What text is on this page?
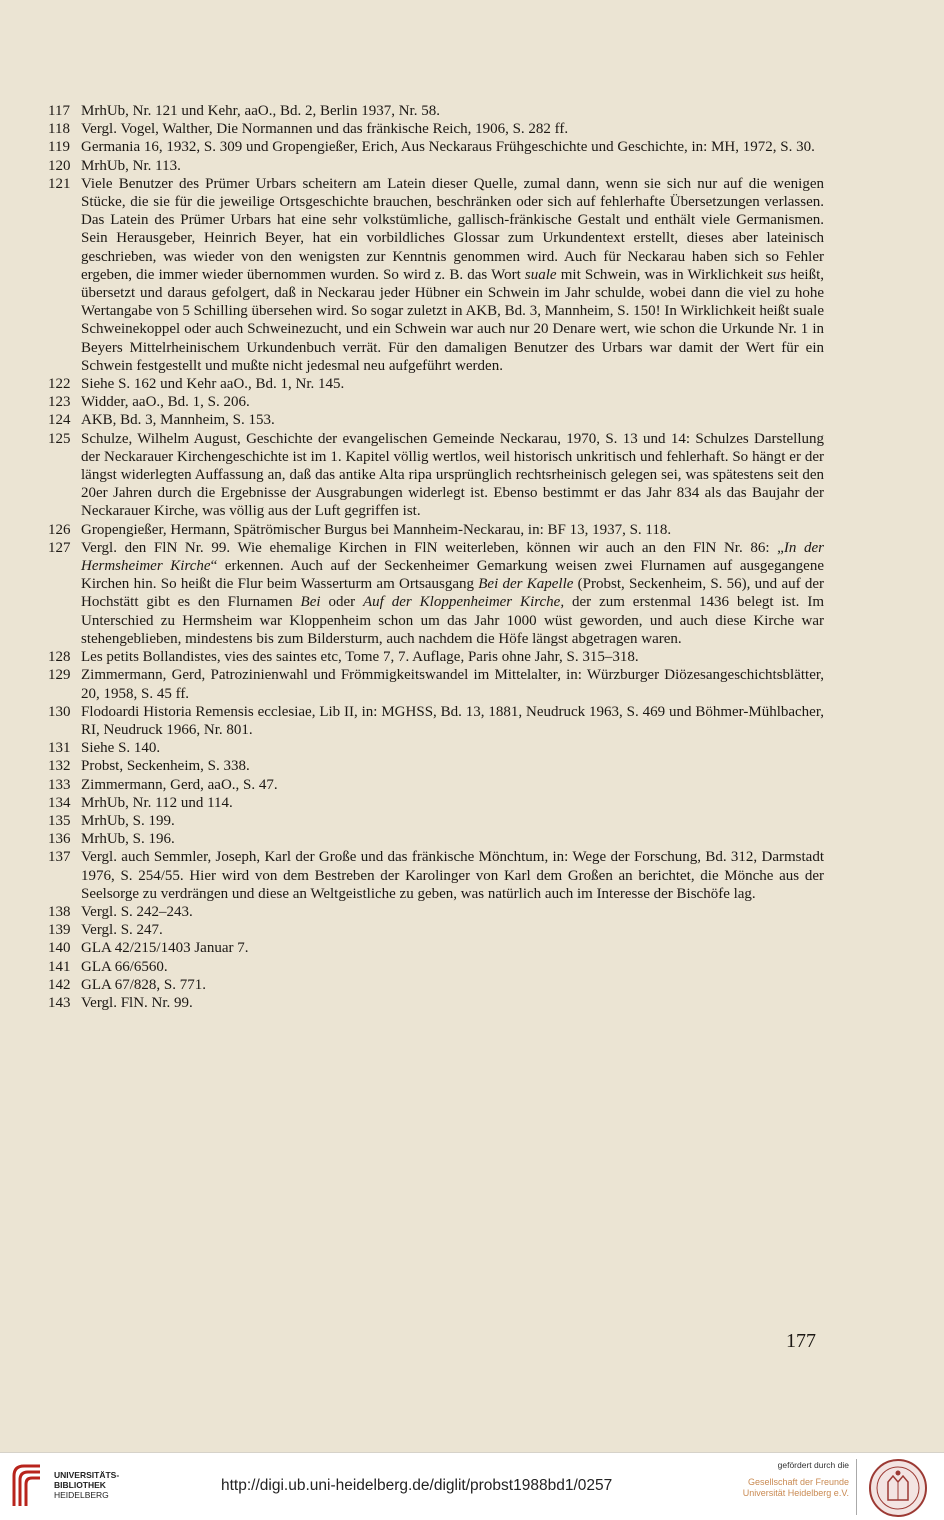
117 MrhUb, Nr. 121 und Kehr, aaO., Bd. 2, Berlin 1937, Nr. 58.
118 Vergl. Vogel, Walther, Die Normannen und das fränkische Reich, 1906, S. 282 ff.
119 Germania 16, 1932, S. 309 und Gropengießer, Erich, Aus Neckaraus Frühgeschichte und Geschichte, in: MH, 1972, S. 30.
120 MrhUb, Nr. 113.
121 Viele Benutzer des Prümer Urbars scheitern am Latein dieser Quelle, zumal dann, wenn sie sich nur auf die wenigen Stücke, die sie für die jeweilige Ortsgeschichte brauchen, beschränken oder sich auf fehlerhafte Übersetzungen verlassen. Das Latein des Prümer Urbars hat eine sehr volkstümliche, gallisch-fränkische Gestalt und enthält viele Germanismen. Sein Herausgeber, Heinrich Beyer, hat ein vorbildliches Glossar zum Urkundentext erstellt, dieses aber lateinisch geschrieben, was wieder von den wenigsten zur Kenntnis genommen wird. Auch für Neckarau haben sich so Fehler ergeben, die immer wieder übernommen wurden. So wird z. B. das Wort suale mit Schwein, was in Wirklichkeit sus heißt, übersetzt und daraus gefolgert, daß in Neckarau jeder Hübner ein Schwein im Jahr schulde, wobei dann die viel zu hohe Wertangabe von 5 Schilling übersehen wird. So sogar zuletzt in AKB, Bd. 3, Mannheim, S. 150! In Wirklichkeit heißt suale Schweinekoppel oder auch Schweinezucht, und ein Schwein war auch nur 20 Denare wert, wie schon die Urkunde Nr. 1 in Beyers Mittelrheinischem Urkundenbuch verrät. Für den damaligen Benutzer des Urbars war damit der Wert für ein Schwein festgestellt und mußte nicht jedesmal neu aufgeführt werden.
122 Siehe S. 162 und Kehr aaO., Bd. 1, Nr. 145.
123 Widder, aaO., Bd. 1, S. 206.
124 AKB, Bd. 3, Mannheim, S. 153.
125 Schulze, Wilhelm August, Geschichte der evangelischen Gemeinde Neckarau, 1970, S. 13 und 14: Schulzes Darstellung der Neckarauer Kirchengeschichte ist im 1. Kapitel völlig wertlos, weil historisch unkritisch und fehlerhaft. So hängt er der längst widerlegten Auffassung an, daß das antike Alta ripa ursprünglich rechtsrheinisch gelegen sei, was spätestens seit den 20er Jahren durch die Ergebnisse der Ausgrabungen widerlegt ist. Ebenso bestimmt er das Jahr 834 als das Baujahr der Neckarauer Kirche, was völlig aus der Luft gegriffen ist.
126 Gropengießer, Hermann, Spätrömischer Burgus bei Mannheim-Neckarau, in: BF 13, 1937, S. 118.
127 Vergl. den FlN Nr. 99. Wie ehemalige Kirchen in FlN weiterleben, können wir auch an den FlN Nr. 86: „In der Hermsheimer Kirche“ erkennen. Auch auf der Seckenheimer Gemarkung weisen zwei Flurnamen auf ausgegangene Kirchen hin. So heißt die Flur beim Wasserturm am Ortsausgang Bei der Kapelle (Probst, Seckenheim, S. 56), und auf der Hochstätt gibt es den Flurnamen Bei oder Auf der Kloppenheimer Kirche, der zum erstenmal 1436 belegt ist. Im Unterschied zu Hermsheim war Kloppenheim schon um das Jahr 1000 wüst geworden, und auch diese Kirche war stehengeblieben, mindestens bis zum Bildersturm, auch nachdem die Höfe längst abgetragen waren.
128 Les petits Bollandistes, vies des saintes etc, Tome 7, 7. Auflage, Paris ohne Jahr, S. 315–318.
129 Zimmermann, Gerd, Patrozinienwahl und Frömmigkeitswandel im Mittelalter, in: Würzburger Diözesangeschichtsblätter, 20, 1958, S. 45 ff.
130 Flodoardi Historia Remensis ecclesiae, Lib II, in: MGHSS, Bd. 13, 1881, Neudruck 1963, S. 469 und Böhmer-Mühlbacher, RI, Neudruck 1966, Nr. 801.
131 Siehe S. 140.
132 Probst, Seckenheim, S. 338.
133 Zimmermann, Gerd, aaO., S. 47.
134 MrhUb, Nr. 112 und 114.
135 MrhUb, S. 199.
136 MrhUb, S. 196.
137 Vergl. auch Semmler, Joseph, Karl der Große und das fränkische Mönchtum, in: Wege der Forschung, Bd. 312, Darmstadt 1976, S. 254/55. Hier wird von dem Bestreben der Karolinger von Karl dem Großen an berichtet, die Mönche aus der Seelsorge zu verdrängen und diese an Weltgeistliche zu geben, was natürlich auch im Interesse der Bischöfe lag.
138 Vergl. S. 242–243.
139 Vergl. S. 247.
140 GLA 42/215/1403 Januar 7.
141 GLA 66/6560.
142 GLA 67/828, S. 771.
143 Vergl. FlN. Nr. 99.
177
UNIVERSITÄTS-
BIBLIOTHEK
HEIDELBERG
http://digi.ub.uni-heidelberg.de/diglit/probst1988bd1/0257
gefördert durch die
Gesellschaft der Freunde
Universität Heidelberg e.V.
